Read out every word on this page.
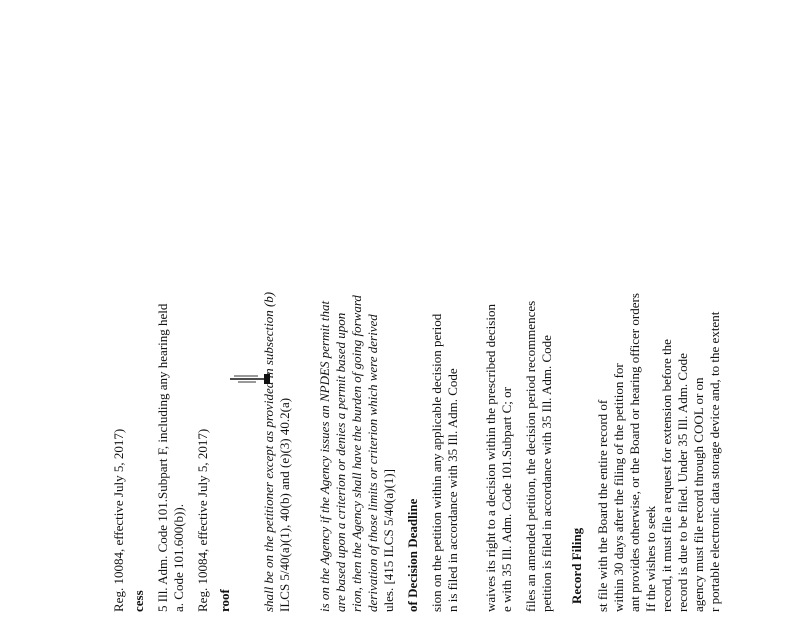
Reg. 10084, effective July 5, 2017) cess 5 Ill. Adm. Code 101.Subpart F, including any hearing held a. Code 101.600(b)). Reg. 10084, effective July 5, 2017) roof shall be on the petitioner except as provided in subsection (b) ILCS 5/40(a)(1), 40(b) and (e)(3) 40.2(a) is on the Agency if the Agency issues an NPDES permit that are based upon a criterion or denies a permit based upon rion, then the Agency shall have the burden of going forward derivation of those limits or criterion which were derived ules. [415 ILCS 5/40(a)(1)] of Decision Deadline sion on the petition within any applicable decision period n is filed in accordance with 35 Ill. Adm. Code waives its right to a decision within the prescribed decision e with 35 Ill. Adm. Code 101.Subpart C; or files an amended petition, the decision period recommences petition is filed in accordance with 35 Ill. Adm. Code Record Filing st file with the Board the entire record of within 30 days after the filing of the petition for ant provides otherwise, or the Board or hearing officer orders If the wishes to seek record, it must file a request for extension before the record is due to be filed. Under 35 Ill. Adm. Code agency must file record through COOL or on r portable electronic data storage device and, to the extent
